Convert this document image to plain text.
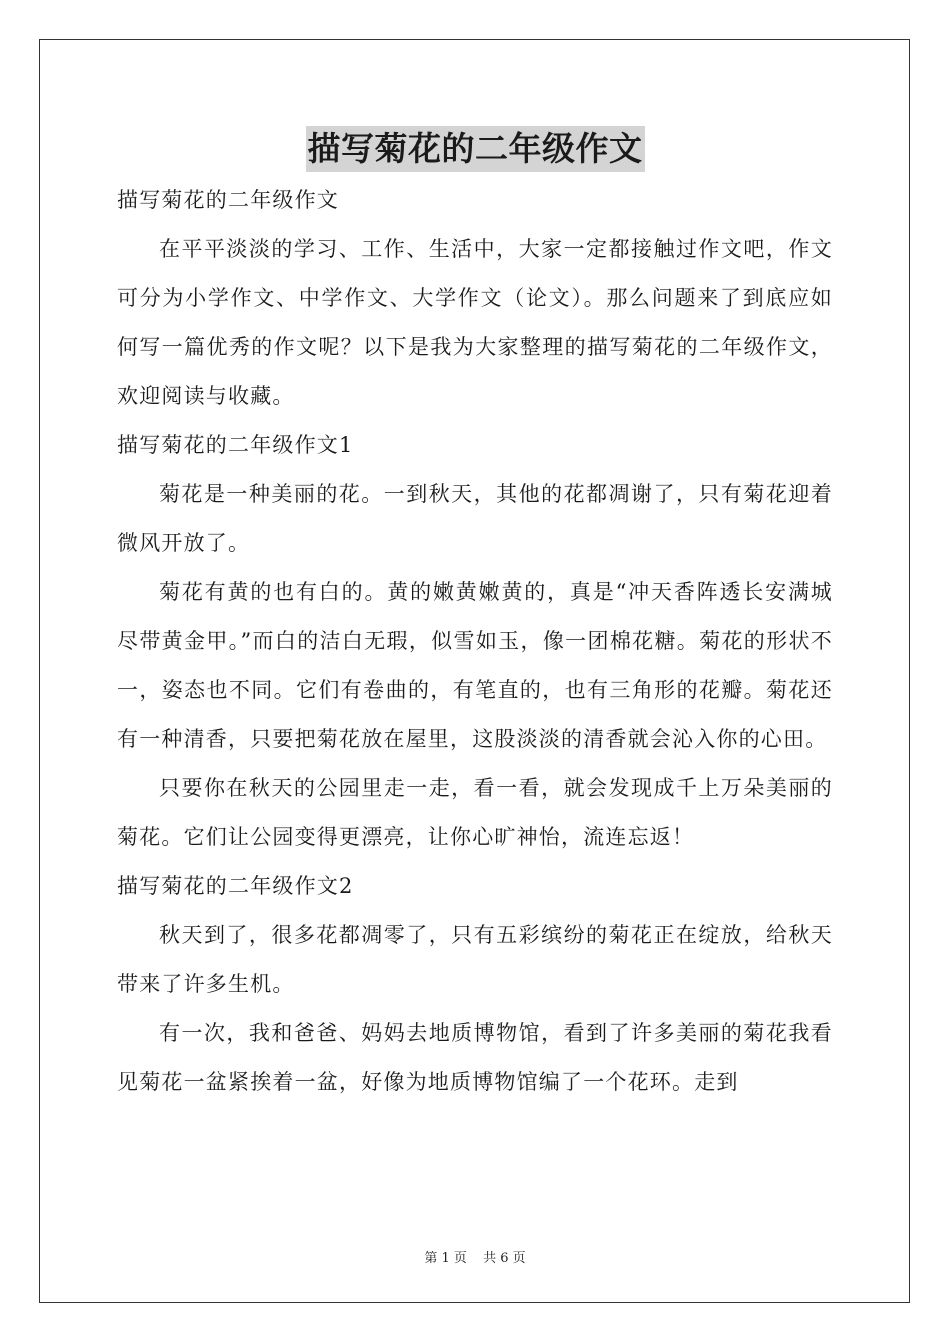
描写菊花的二年级作文

描写菊花的二年级作文

在平平淡淡的学习、工作、生活中，大家一定都接触过作文吧，作文可分为小学作文、中学作文、大学作文（论文）。那么问题来了到底应如何写一篇优秀的作文呢？以下是我为大家整理的描写菊花的二年级作文，欢迎阅读与收藏。

描写菊花的二年级作文1

菊花是一种美丽的花。一到秋天，其他的花都凋谢了，只有菊花迎着微风开放了。

菊花有黄的也有白的。黄的嫩黄嫩黄的，真是“冲天香阵透长安满城尽带黄金甲。”而白的洁白无瑕，似雪如玉，像一团棉花糖。菊花的形状不一，姿态也不同。它们有卷曲的，有笔直的，也有三角形的花瓣。菊花还有一种清香，只要把菊花放在屋里，这股淡淡的清香就会沁入你的心田。

只要你在秋天的公园里走一走，看一看，就会发现成千上万朵美丽的菊花。它们让公园变得更漂亮，让你心旷神怡，流连忘返！

描写菊花的二年级作文2

秋天到了，很多花都凋零了，只有五彩缤纷的菊花正在绽放，给秋天带来了许多生机。

有一次，我和爸爸、妈妈去地质博物馆，看到了许多美丽的菊花我看见菊花一盆紧挨着一盆，好像为地质博物馆编了一个花环。走到

第 1 页 共 6 页
